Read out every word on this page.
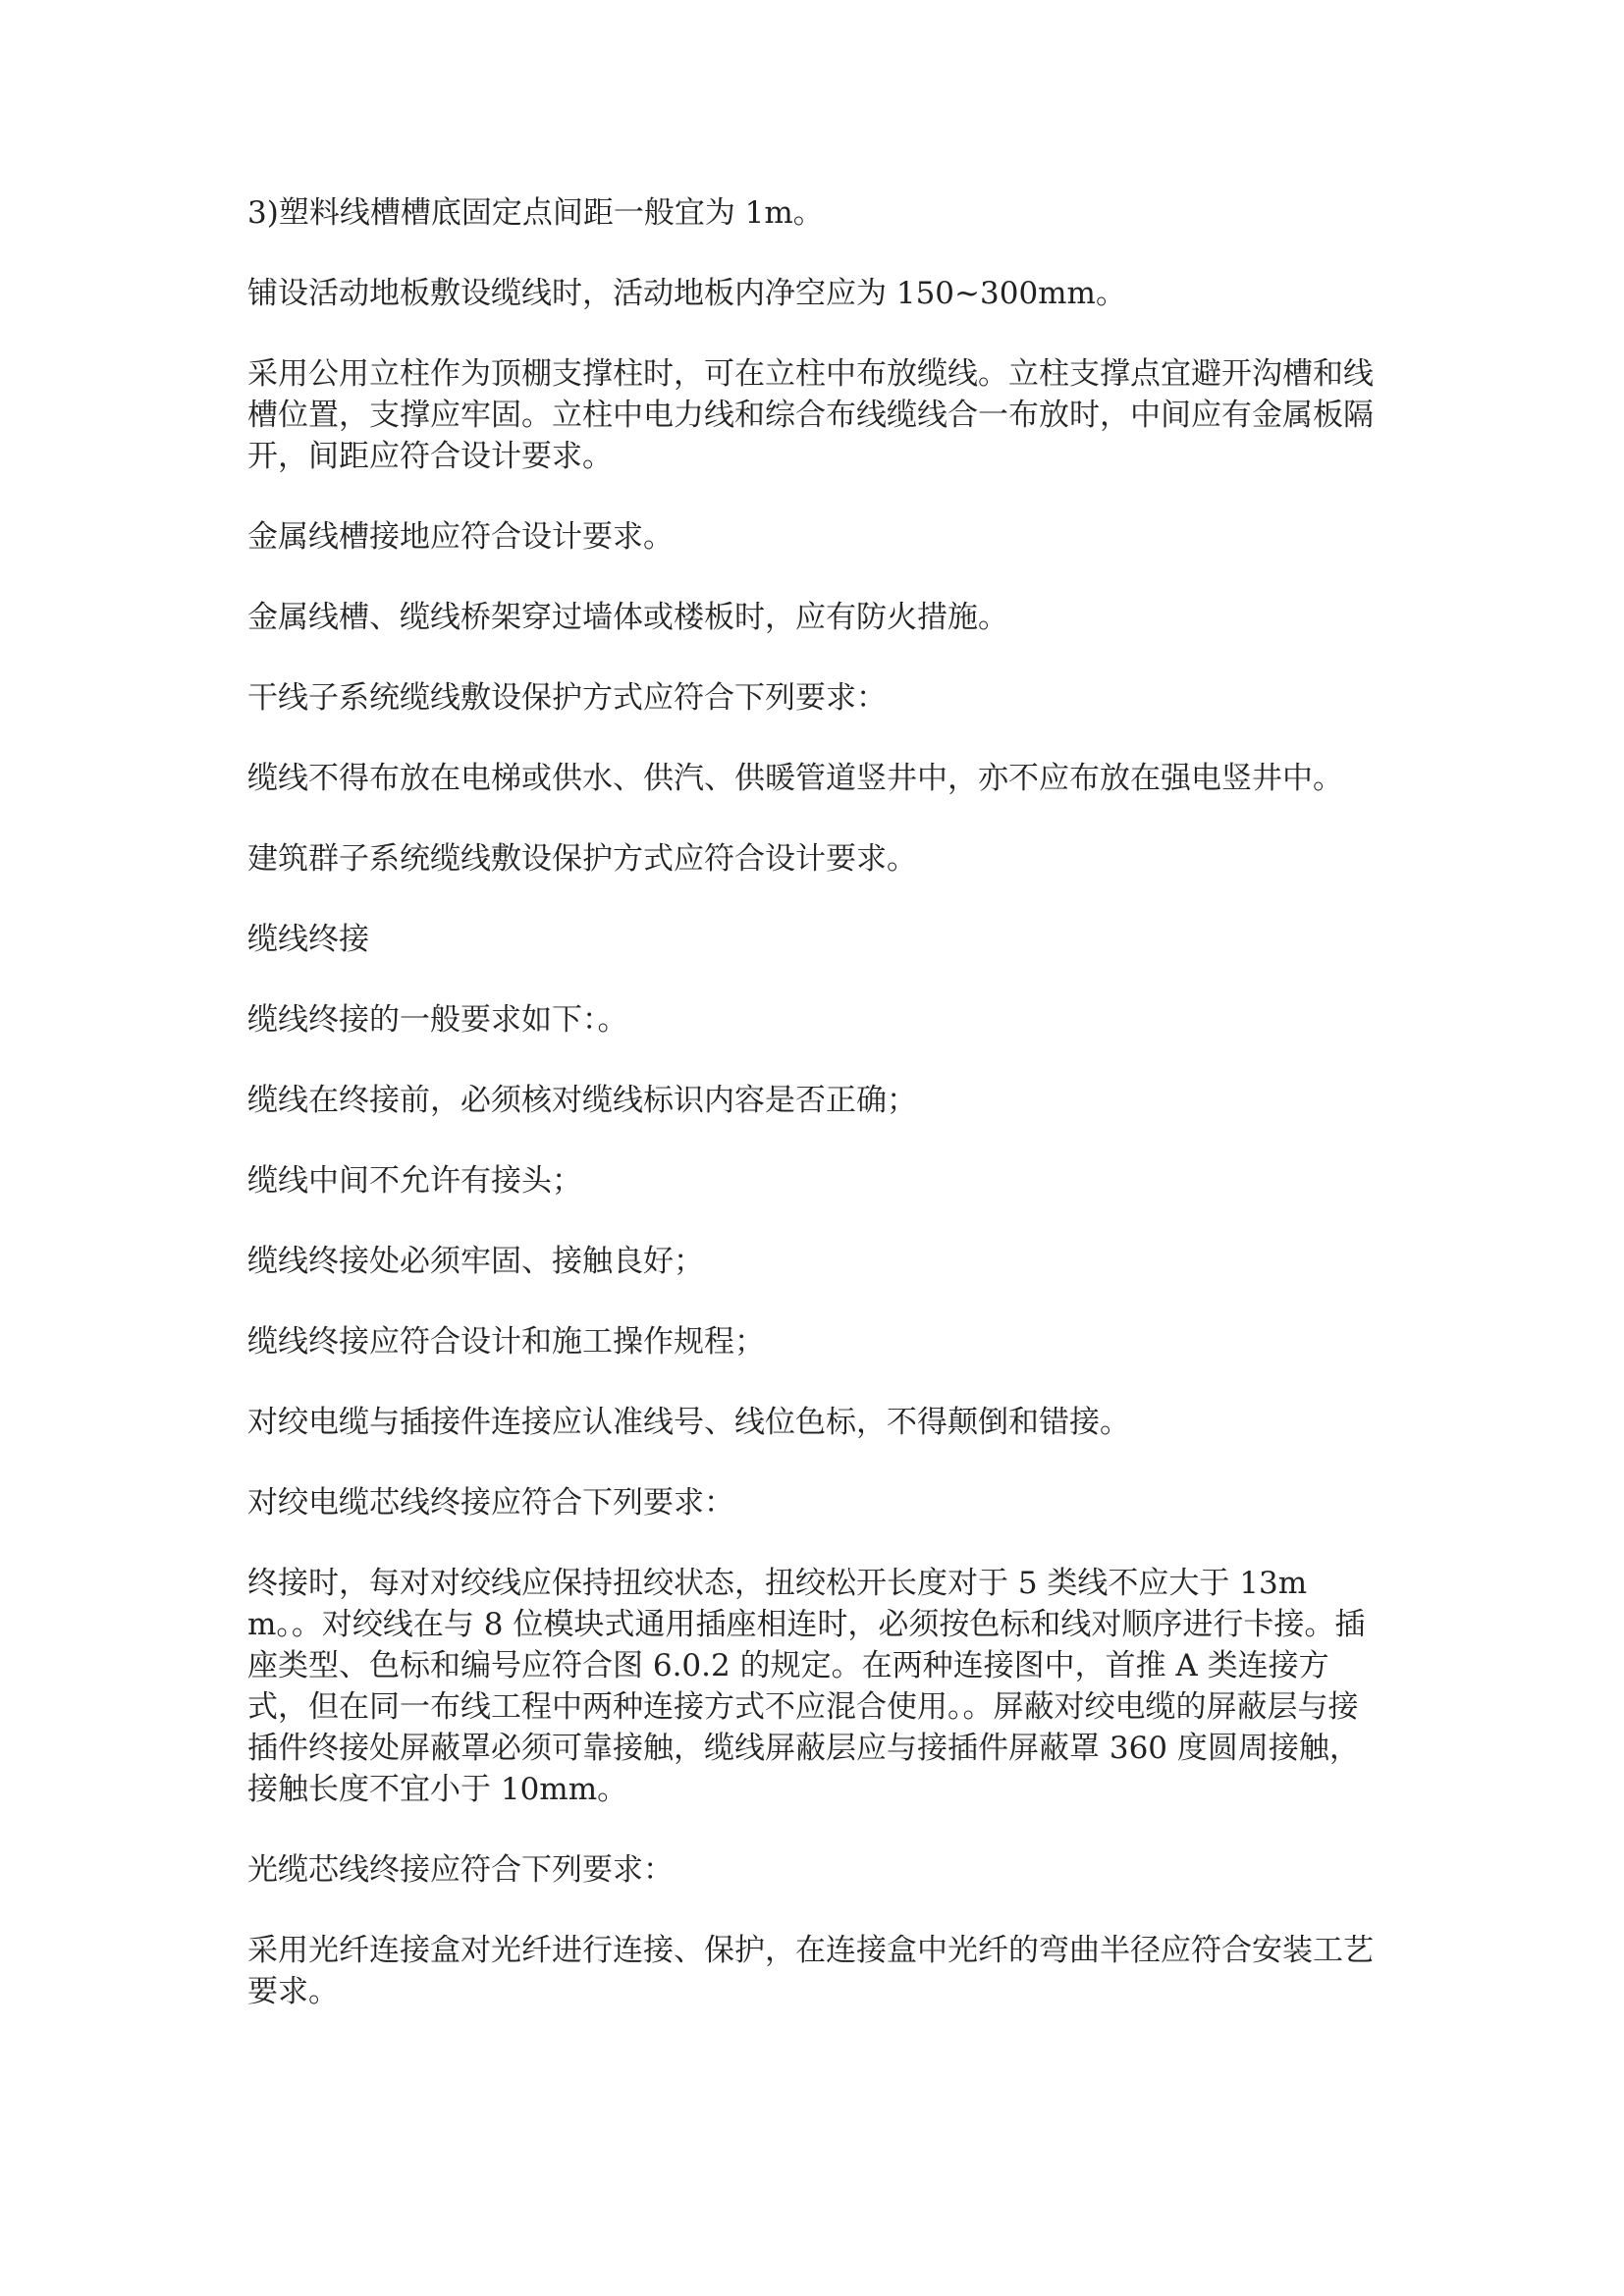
3)塑料线槽槽底固定点间距一般宜为 1m。

铺设活动地板敷设缆线时，活动地板内净空应为 150~300mm。

采用公用立柱作为顶棚支撑柱时，可在立柱中布放缆线。立柱支撑点宜避开沟槽和线槽位置，支撑应牢固。立柱中电力线和综合布线缆线合一布放时，中间应有金属板隔开，间距应符合设计要求。

金属线槽接地应符合设计要求。

金属线槽、缆线桥架穿过墙体或楼板时，应有防火措施。

干线子系统缆线敷设保护方式应符合下列要求：

缆线不得布放在电梯或供水、供汽、供暖管道竖井中，亦不应布放在强电竖井中。

建筑群子系统缆线敷设保护方式应符合设计要求。

缆线终接

缆线终接的一般要求如下：。

缆线在终接前，必须核对缆线标识内容是否正确；

缆线中间不允许有接头；

缆线终接处必须牢固、接触良好；

缆线终接应符合设计和施工操作规程；

对绞电缆与插接件连接应认准线号、线位色标，不得颠倒和错接。

对绞电缆芯线终接应符合下列要求：

终接时，每对对绞线应保持扭绞状态，扭绞松开长度对于 5 类线不应大于 13mm。。对绞线在与 8 位模块式通用插座相连时，必须按色标和线对顺序进行卡接。插座类型、色标和编号应符合图 6.0.2 的规定。在两种连接图中，首推 A 类连接方式，但在同一布线工程中两种连接方式不应混合使用。。屏蔽对绞电缆的屏蔽层与接插件终接处屏蔽罩必须可靠接触，缆线屏蔽层应与接插件屏蔽罩 360 度圆周接触，接触长度不宜小于 10mm。

光缆芯线终接应符合下列要求：

采用光纤连接盒对光纤进行连接、保护，在连接盒中光纤的弯曲半径应符合安装工艺要求。
